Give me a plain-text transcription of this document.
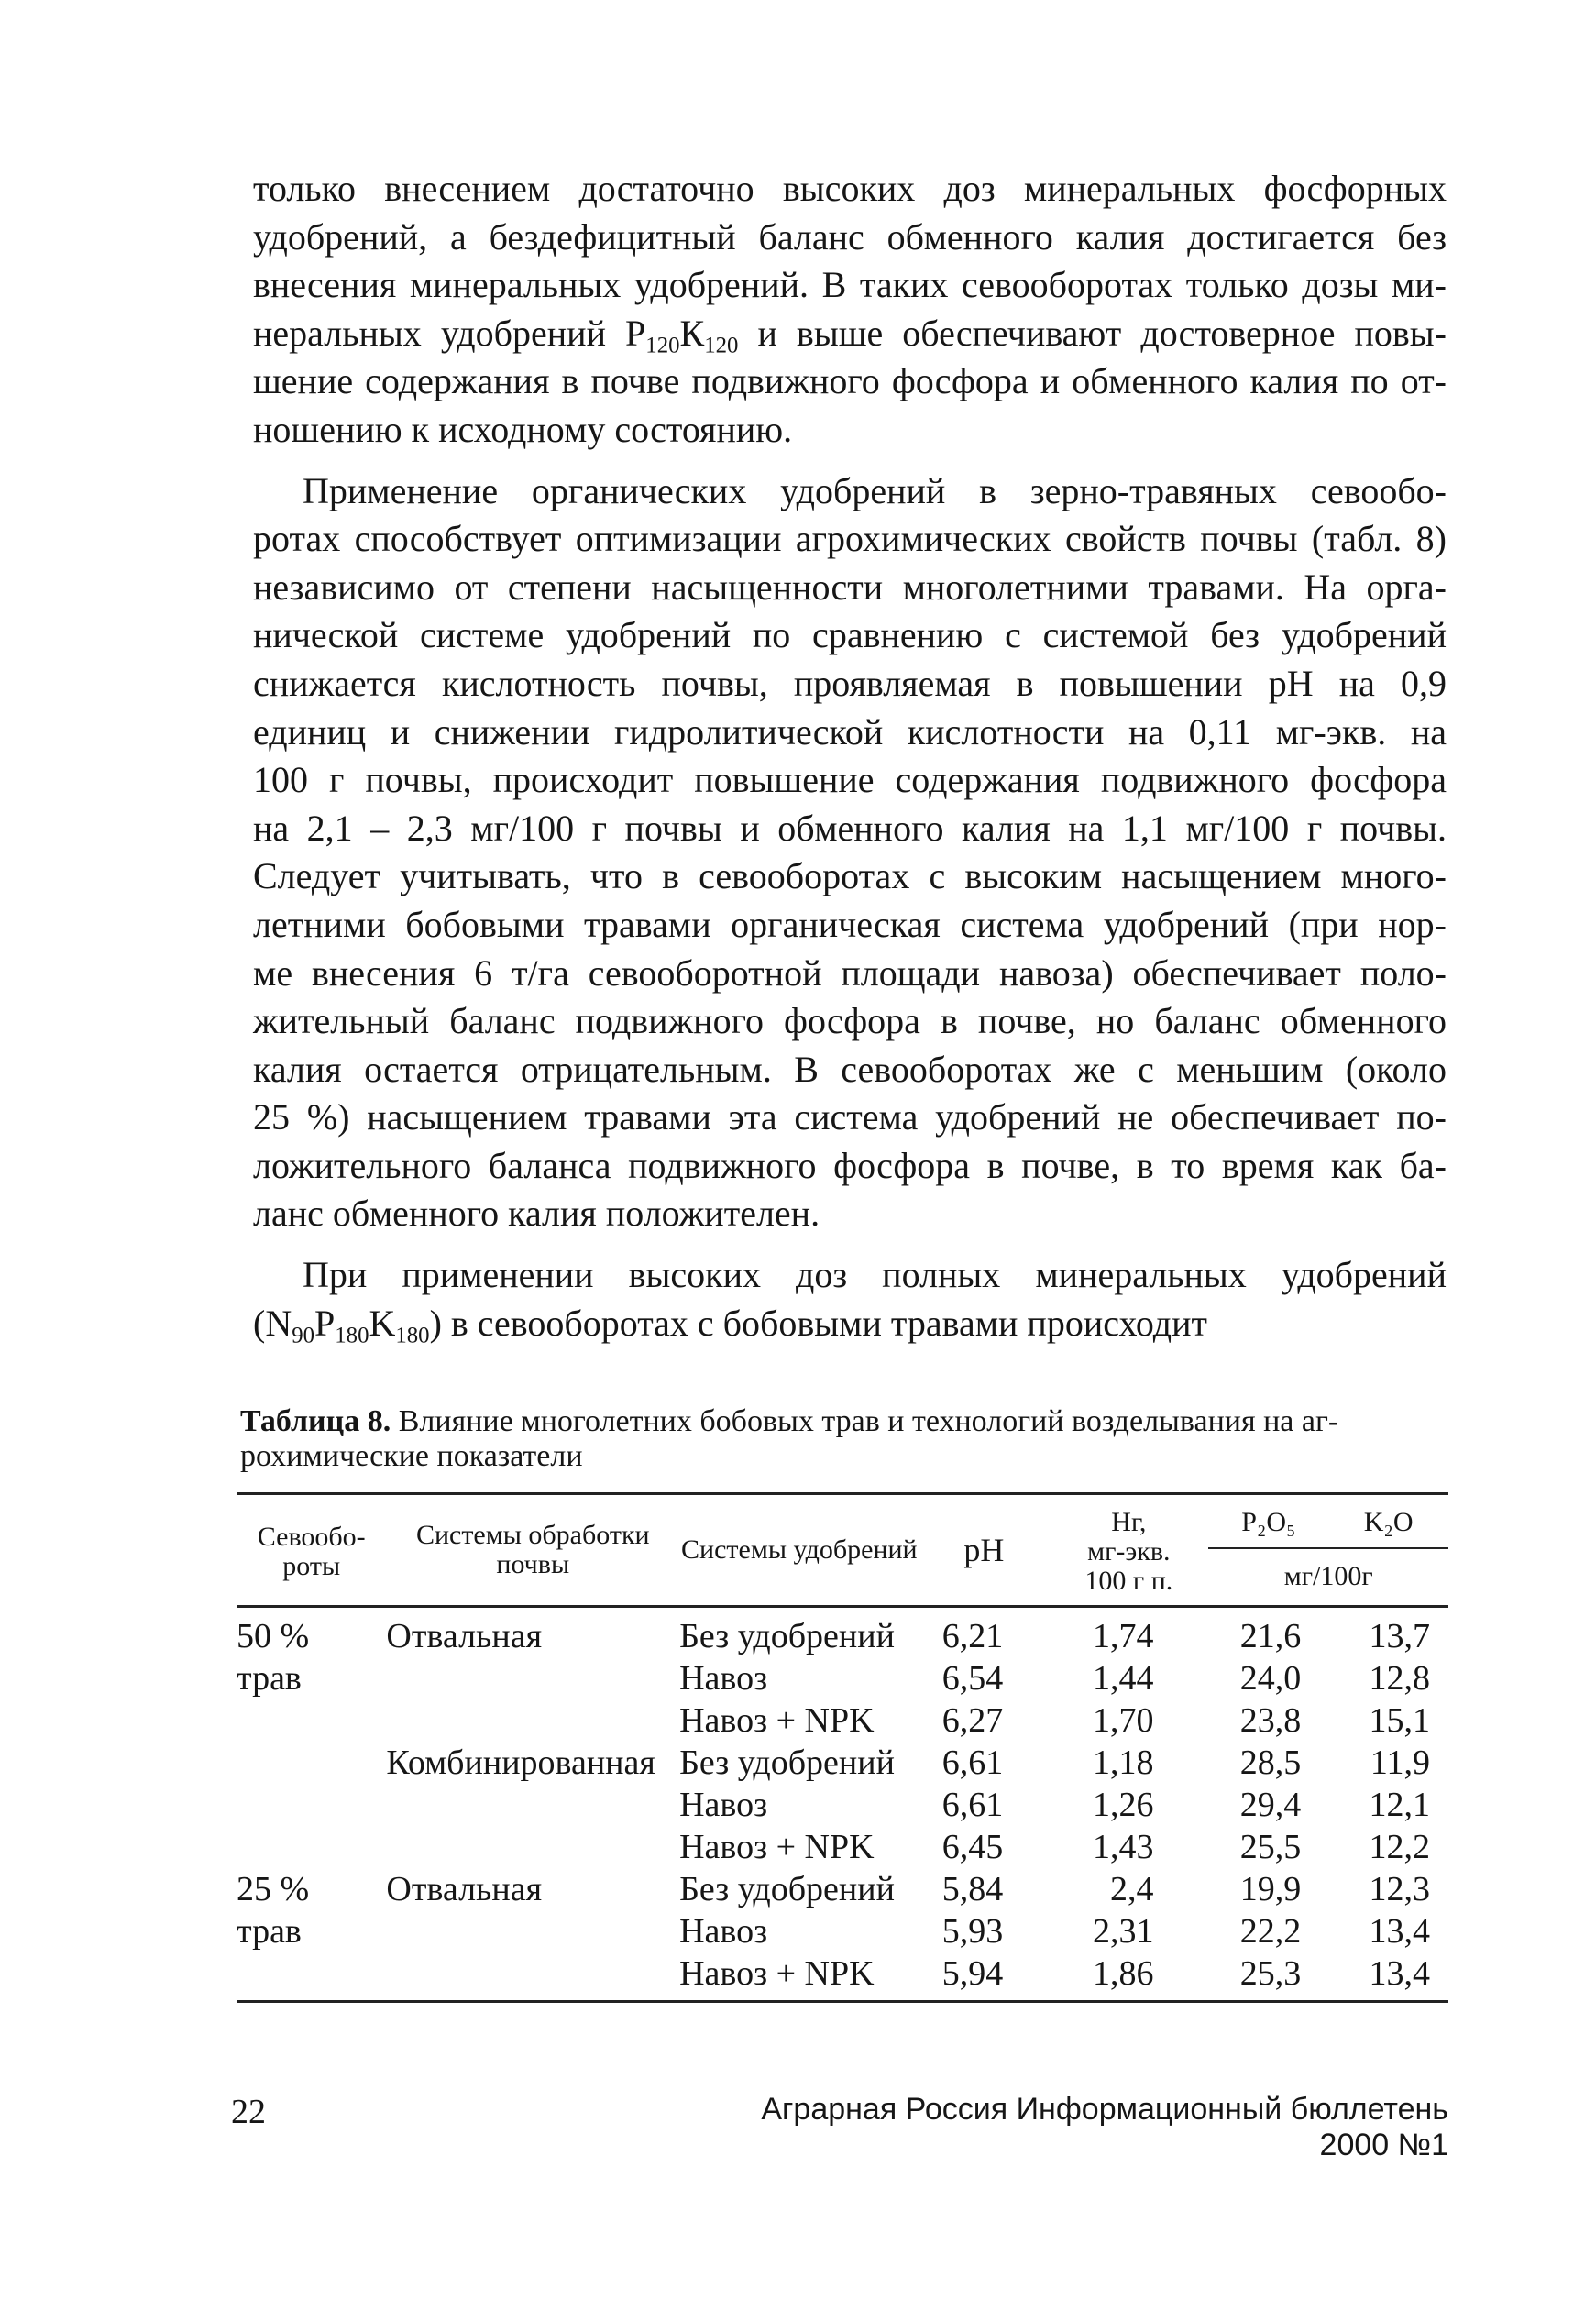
только внесением достаточно высоких доз минеральных фосфорных
удобрений, а бездефицитный баланс обменного калия достигается без
внесения минеральных удобрений. В таких севооборотах только дозы ми-
неральных удобрений $Р_{120}К_{120}$ и выше обеспечивают достоверное повы-
шение содержания в почве подвижного фосфора и обменного калия по от-
ношению к исходному состоянию.
Применение органических удобрений в зерно-травяных севообо-
ротах способствует оптимизации агрохимических свойств почвы (табл. 8)
независимо от степени насыщенности многолетними травами. На орга-
нической системе удобрений по сравнению с системой без удобрений
снижается кислотность почвы, проявляемая в повышении рН на 0,9
единиц и снижении гидролитической кислотности на 0,11 мг-экв. на
100 г почвы, происходит повышение содержания подвижного фосфора
на 2,1 – 2,3 мг/100 г почвы и обменного калия на 1,1 мг/100 г почвы.
Следует учитывать, что в севооборотах с высоким насыщением много-
летними бобовыми травами органическая система удобрений (при нор-
ме внесения 6 т/га севооборотной площади навоза) обеспечивает поло-
жительный баланс подвижного фосфора в почве, но баланс обменного
калия остается отрицательным. В севооборотах же с меньшим (около
25 %) насыщением травами эта система удобрений не обеспечивает по-
ложительного баланса подвижного фосфора в почве, в то время как ба-
ланс обменного калия положителен.
При применении высоких доз полных минеральных удобрений
$(N_{90}P_{180}K_{180})$ в севооборотах с бобовыми травами происходит
Таблица 8. Влияние многолетних бобовых трав и технологий возделывания на аг-
рохимические показатели
Севообо-роты	Системы обработки почвы	Системы удобрений	рН	Нг,
мг-экв.
100 г п.	P₂O₅	K₂O
					мг/100г	
50 %	Отвальная	Без удобрений	6,21	1,74	21,6	13,7
трав		Навоз	6,54	1,44	24,0	12,8
		Навоз + NPK	6,27	1,70	23,8	15,1
	Комбинированная	Без удобрений	6,61	1,18	28,5	11,9
		Навоз	6,61	1,26	29,4	12,1
		Навоз + NPK	6,45	1,43	25,5	12,2
25 %	Отвальная	Без удобрений	5,84	2,4	19,9	12,3
трав		Навоз	5,93	2,31	22,2	13,4
		Навоз + NPK	5,94	1,86	25,3	13,4
22	Аграрная Россия Информационный бюллетень 2000 №1
